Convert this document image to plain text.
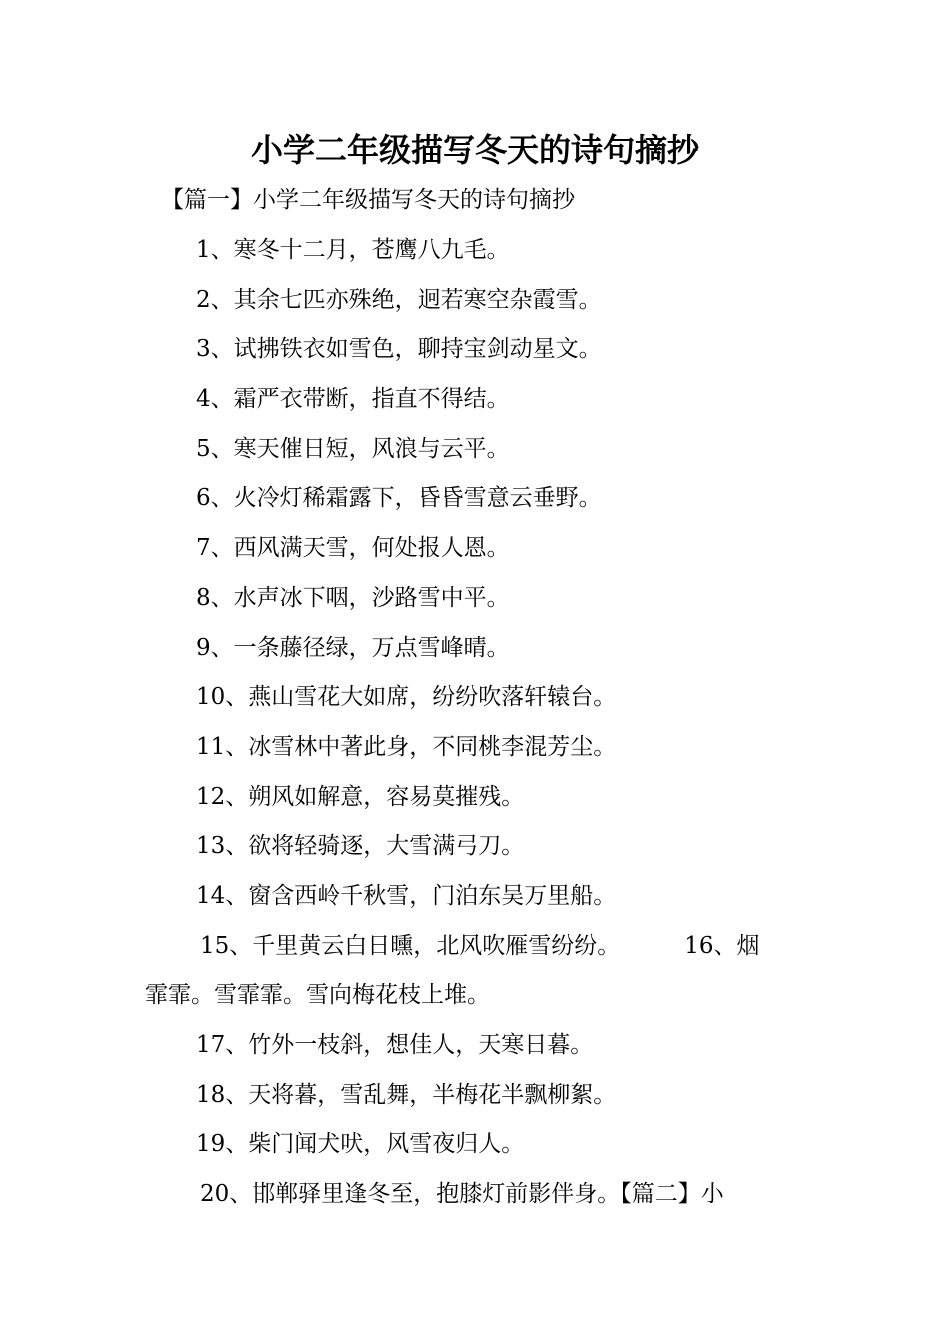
小学二年级描写冬天的诗句摘抄
【篇一】小学二年级描写冬天的诗句摘抄
1、寒冬十二月，苍鹰八九毛。
2、其余七匹亦殊绝，迥若寒空杂霞雪。
3、试拂铁衣如雪色，聊持宝剑动星文。
4、霜严衣带断，指直不得结。
5、寒天催日短，风浪与云平。
6、火冷灯稀霜露下，昏昏雪意云垂野。
7、西风满天雪，何处报人恩。
8、水声冰下咽，沙路雪中平。
9、一条藤径绿，万点雪峰晴。
10、燕山雪花大如席，纷纷吹落轩辕台。
11、冰雪林中著此身，不同桃李混芳尘。
12、朔风如解意，容易莫摧残。
13、欲将轻骑逐，大雪满弓刀。
14、窗含西岭千秋雪，门泊东吴万里船。
15、千里黄云白日曛，北风吹雁雪纷纷。	16、烟
霏霏。雪霏霏。雪向梅花枝上堆。
17、竹外一枝斜，想佳人，天寒日暮。
18、天将暮，雪乱舞，半梅花半飘柳絮。
19、柴门闻犬吠，风雪夜归人。
20、邯郸驿里逢冬至，抱膝灯前影伴身。【篇二】小
